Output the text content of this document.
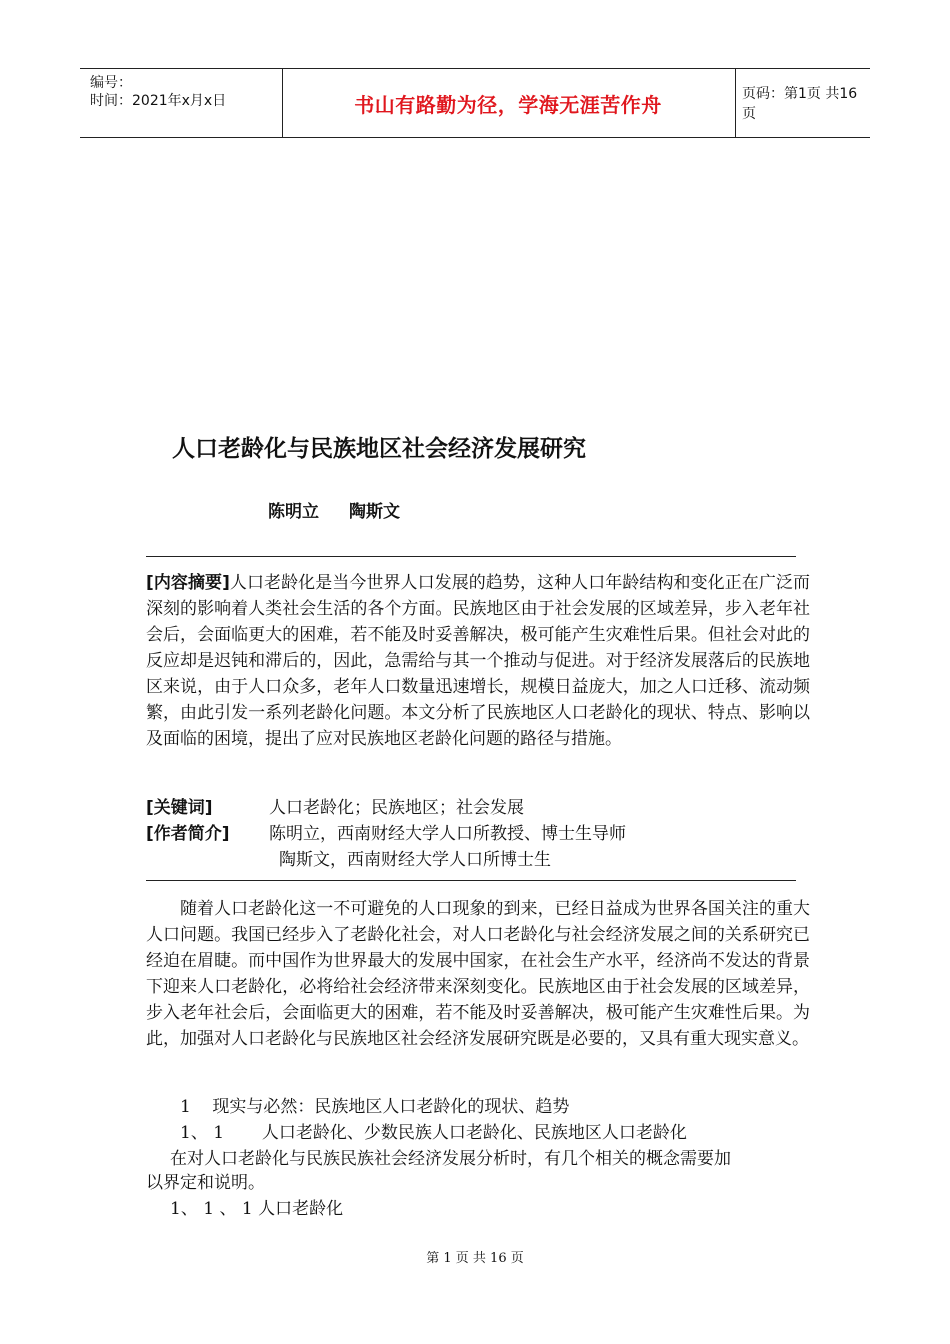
编号：
时间：2021年x月x日	书山有路勤为径，学海无涯苦作舟	页码：第1页 共16页
人口老龄化与民族地区社会经济发展研究
陈明立 陶斯文
[内容摘要]人口老龄化是当今世界人口发展的趋势，这种人口年龄结构和变化正在广泛而深刻的影响着人类社会生活的各个方面。民族地区由于社会发展的区域差异，步入老年社会后，会面临更大的困难，若不能及时妥善解决，极可能产生灾难性后果。但社会对此的反应却是迟钝和滞后的，因此，急需给与其一个推动与促进。对于经济发展落后的民族地区来说，由于人口众多，老年人口数量迅速增长，规模日益庞大，加之人口迁移、流动频繁，由此引发一系列老龄化问题。本文分析了民族地区人口老龄化的现状、特点、影响以及面临的困境，提出了应对民族地区老龄化问题的路径与措施。
[关键词]	人口老龄化；民族地区；社会发展
[作者简介] 陈明立，西南财经大学人口所教授、博士生导师
陶斯文，西南财经大学人口所博士生
随着人口老龄化这一不可避免的人口现象的到来，已经日益成为世界各国关注的重大人口问题。我国已经步入了老龄化社会，对人口老龄化与社会经济发展之间的关系研究已经迫在眉睫。而中国作为世界最大的发展中国家，在社会生产水平，经济尚不发达的背景下迎来人口老龄化，必将给社会经济带来深刻变化。民族地区由于社会发展的区域差异，步入老年社会后，会面临更大的困难，若不能及时妥善解决，极可能产生灾难性后果。为此，加强对人口老龄化与民族地区社会经济发展研究既是必要的，又具有重大现实意义。
1    现实与必然：民族地区人口老龄化的现状、趋势
1、 1       人口老龄化、少数民族人口老龄化、民族地区人口老龄化
在对人口老龄化与民族民族社会经济发展分析时，有几个相关的概念需要加
以界定和说明。
1、 1 、 1 人口老龄化
第 1 页 共 16 页
